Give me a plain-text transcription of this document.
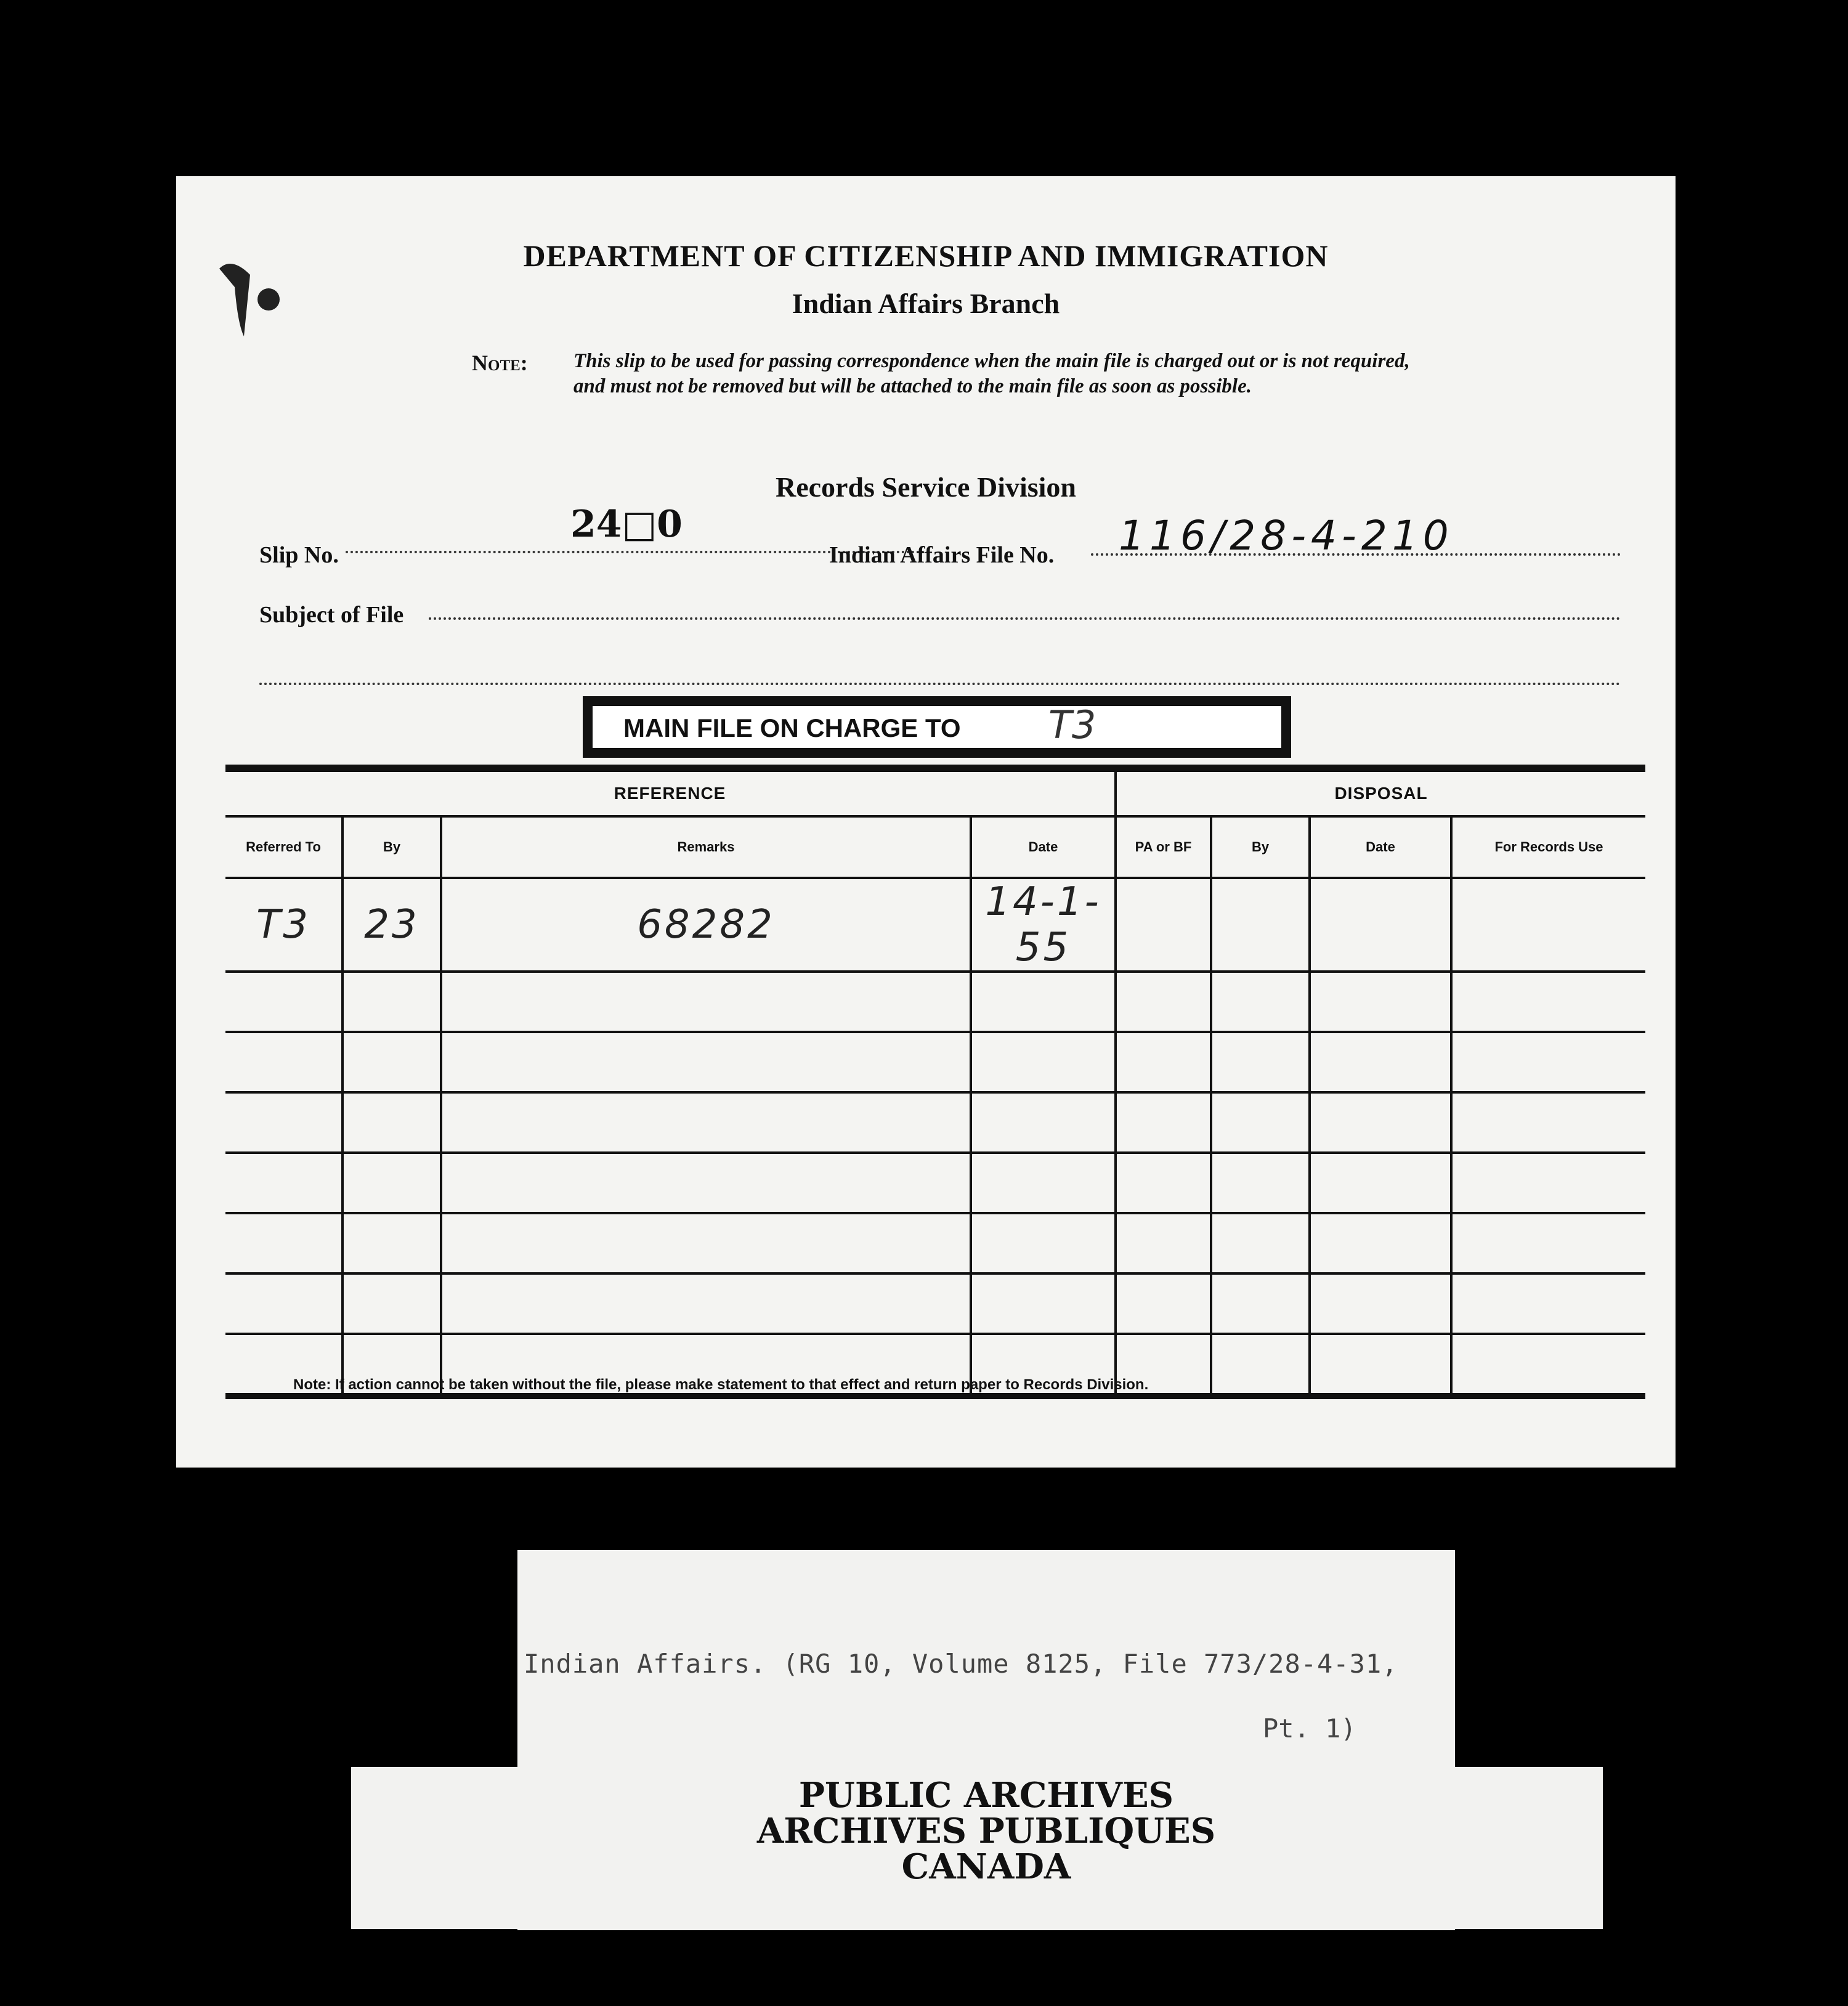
DEPARTMENT OF CITIZENSHIP AND IMMIGRATION
Indian Affairs Branch
Note: This slip to be used for passing correspondence when the main file is charged out or is not required, and must not be removed but will be attached to the main file as soon as possible.
Records Service Division
Slip No.
24□0
Indian Affairs File No. 116/28-4-210
Subject of File
MAIN FILE ON CHARGE TO T3
REFERENCE				DISPOSAL			
Referred To	By	Remarks	Date	PA or BF	By	Date	For Records Use
T3	23	68282	14-1-55				

Note: If action cannot be taken without the file, please make statement to that effect and return paper to Records Division.
Indian Affairs. (RG 10, Volume 8125, File 773/28-4-31,
Pt. 1)
PUBLIC ARCHIVES
ARCHIVES PUBLIQUES
CANADA
